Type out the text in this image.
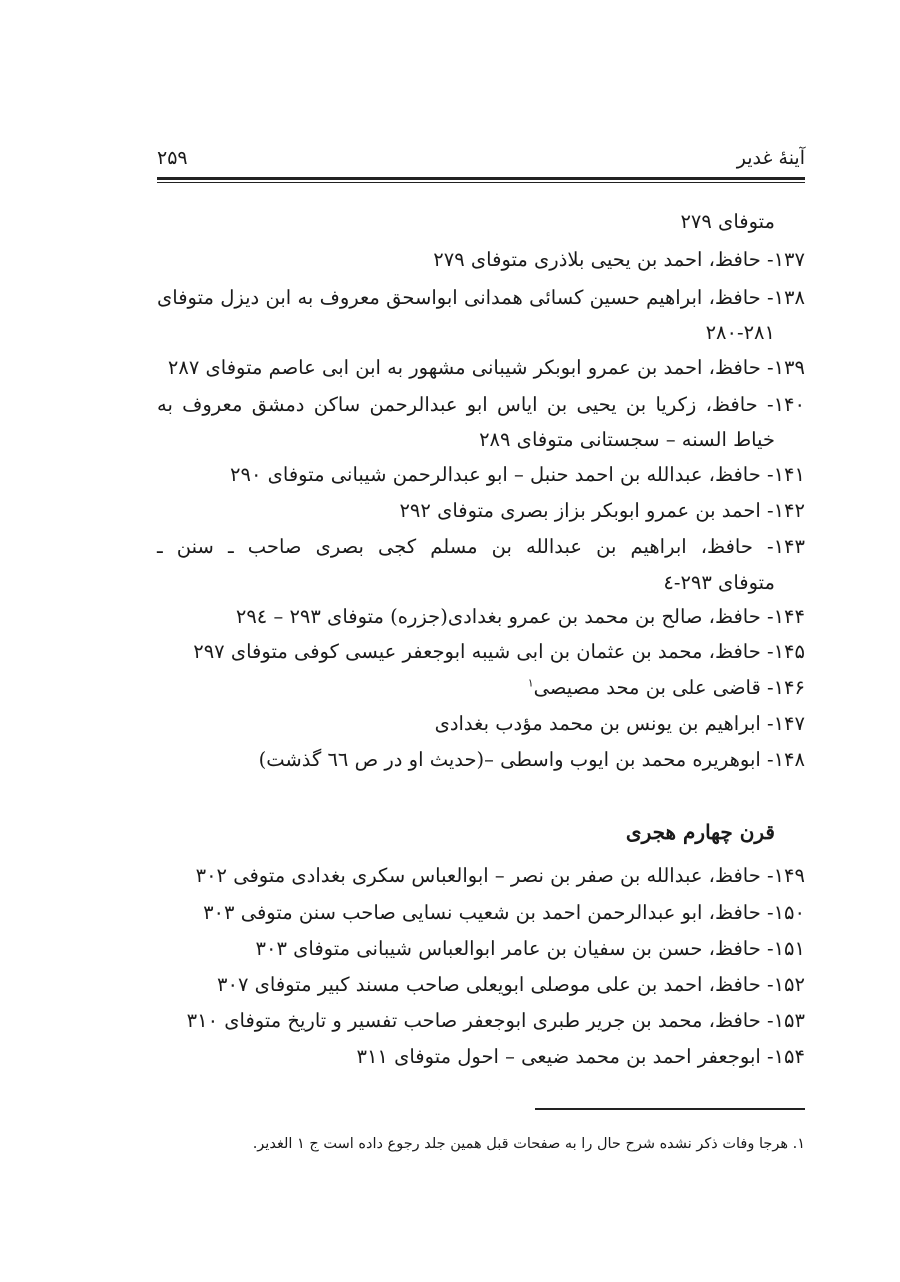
آينهٔ غدير
۲۵۹
متوفای ۲۷۹
۱۳۷- حافظ، احمد بن يحيى بلاذری متوفای ۲۷۹
۱۳۸- حافظ، ابراهيم حسين كسائی همدانی ابواسحق معروف به ابن ديزل متوفای
۲۸۰-۲۸۱
۱۳۹- حافظ، احمد بن عمرو ابوبكر شيبانی مشهور به ابن ابی عاصم متوفای ۲۸۷
۱۴۰- حافظ، زكريا بن يحيى بن اياس ابو عبدالرحمن ساكن دمشق معروف به
خياط السنه – سجستانی متوفای ۲۸۹
۱۴۱- حافظ، عبدالله بن احمد حنبل – ابو عبدالرحمن شيبانی متوفای ۲۹۰
۱۴۲- احمد بن عمرو ابوبكر بزاز بصری متوفای ۲۹۲
۱۴۳- حافظ، ابراهيم بن عبدالله بن مسلم كجی بصری صاحب ـ سنن ـ
متوفای ۲۹۳-٤
۱۴۴- حافظ، صالح بن محمد بن عمرو بغدادی(جزره) متوفای ۲۹۳ – ۲۹٤
۱۴۵- حافظ، محمد بن عثمان بن ابی شيبه ابوجعفر عيسی كوفی متوفای ۲۹۷
۱۴۶- قاضی علی بن محد مصيصی$^۱$
۱۴۷- ابراهيم بن يونس بن محمد مؤدب بغدادی
۱۴۸- ابوهريره محمد بن ايوب واسطی –(حديث او در ص ٦٦ گذشت)
قرن چهارم هجری
۱۴۹- حافظ، عبدالله بن صفر بن نصر – ابوالعباس سكری بغدادی متوفی ۳۰۲
۱۵۰- حافظ، ابو عبدالرحمن احمد بن شعيب نسايی صاحب سنن متوفی ۳۰۳
۱۵۱- حافظ، حسن بن سفيان بن عامر ابوالعباس شيبانی متوفای ۳۰۳
۱۵۲- حافظ، احمد بن علی موصلی ابويعلی صاحب مسند كبير متوفای ۳۰۷
۱۵۳- حافظ، محمد بن جرير طبری ابوجعفر صاحب تفسير و تاريخ متوفای ۳۱۰
۱۵۴- ابوجعفر احمد بن محمد ضيعی – احول متوفای ۳۱۱
۱. هرجا وفات ذكر نشده شرح حال را به صفحات قبل همين جلد رجوع داده است ج ۱ الغدير.
